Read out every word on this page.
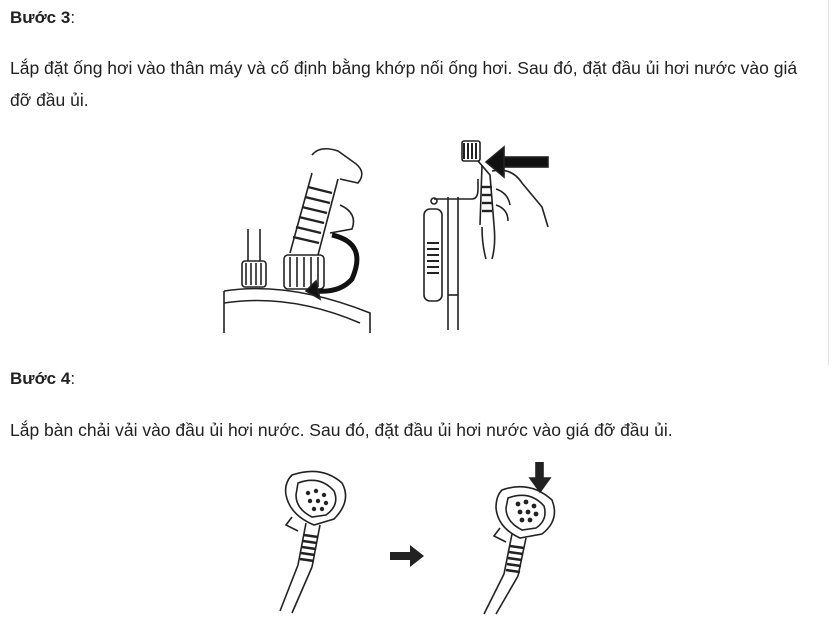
Bước 3:

Lắp đặt ống hơi vào thân máy và cố định bằng khớp nối ống hơi. Sau đó, đặt đầu ủi hơi nước vào giá đỡ đầu ủi.

Bước 4:

Lắp bàn chải vải vào đầu ủi hơi nước. Sau đó, đặt đầu ủi hơi nước vào giá đỡ đầu ủi.
